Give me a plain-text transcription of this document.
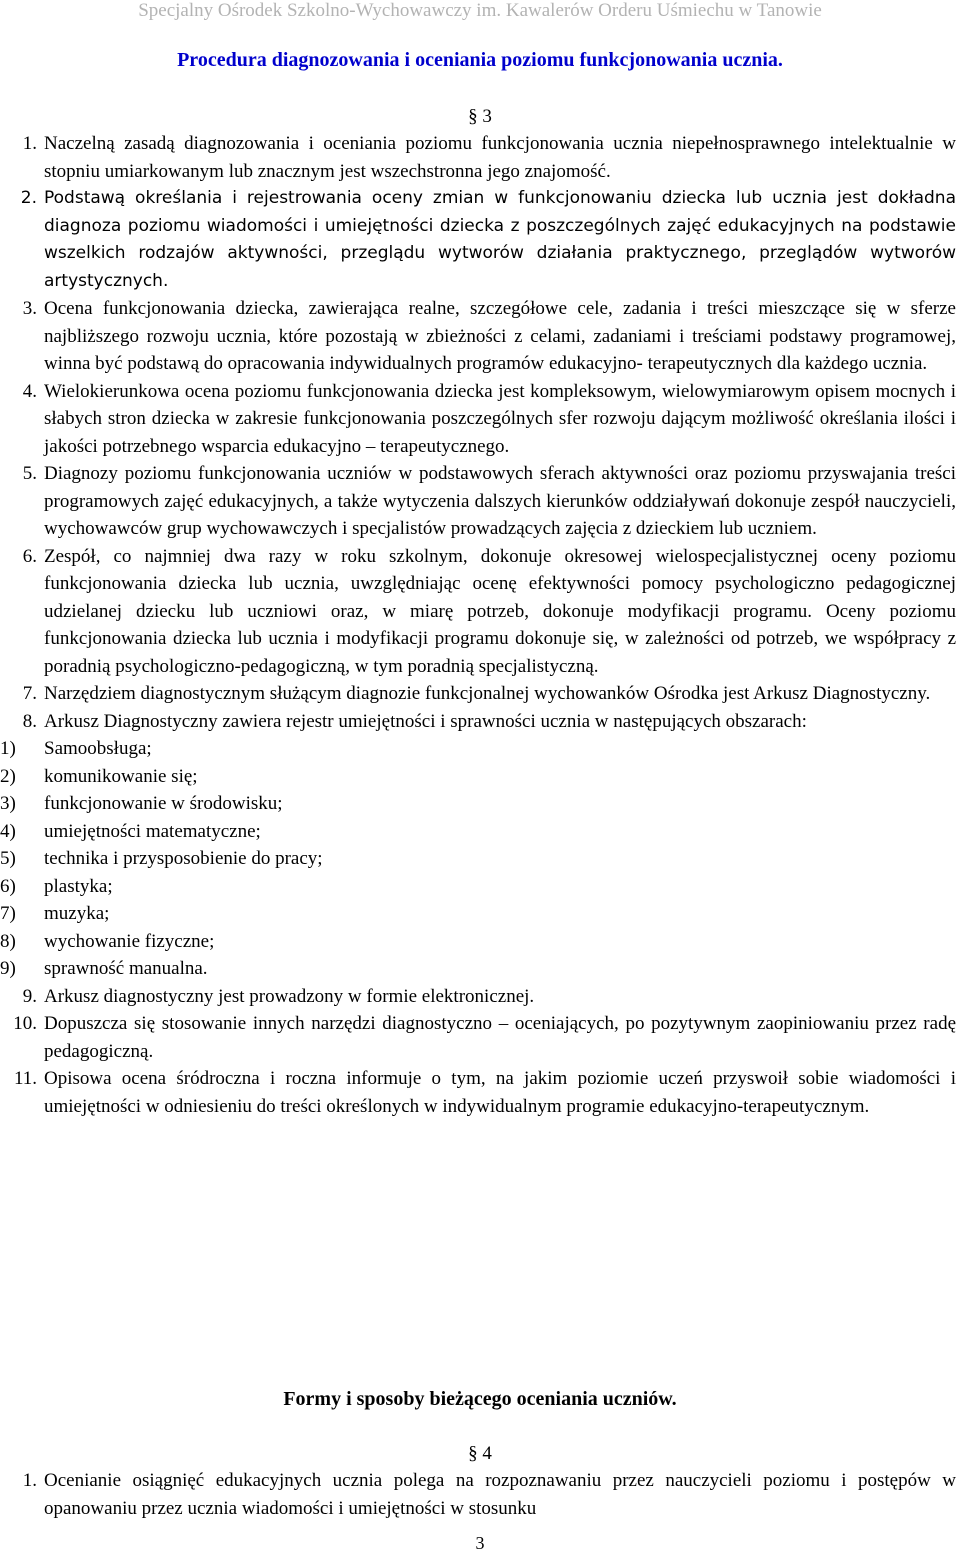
Specjalny Ośrodek Szkolno-Wychowawczy im. Kawalerów Orderu Uśmiechu w Tanowie
Procedura diagnozowania i oceniania poziomu funkcjonowania ucznia.
§ 3
1. Naczelną zasadą diagnozowania i oceniania poziomu funkcjonowania ucznia niepełnosprawnego intelektualnie w stopniu umiarkowanym lub znacznym jest wszechstronna jego znajomość.
2. Podstawą określania i rejestrowania oceny zmian w funkcjonowaniu dziecka lub ucznia jest dokładna diagnoza poziomu wiadomości i umiejętności dziecka z poszczególnych zajęć edukacyjnych na podstawie wszelkich rodzajów aktywności, przeglądu wytworów działania praktycznego, przeglądów wytworów artystycznych.
3. Ocena funkcjonowania dziecka, zawierająca realne, szczegółowe cele, zadania i treści mieszczące się w sferze najbliższego rozwoju ucznia, które pozostają w zbieżności z celami, zadaniami i treściami podstawy programowej, winna być podstawą do opracowania indywidualnych programów edukacyjno- terapeutycznych dla każdego ucznia.
4. Wielokierunkowa ocena poziomu funkcjonowania dziecka jest kompleksowym, wielowymiarowym opisem mocnych i słabych stron dziecka w zakresie funkcjonowania poszczególnych sfer rozwoju dającym możliwość określania ilości i jakości potrzebnego wsparcia edukacyjno – terapeutycznego.
5. Diagnozy poziomu funkcjonowania uczniów w podstawowych sferach aktywności oraz poziomu przyswajania treści programowych zajęć edukacyjnych, a także wytyczenia dalszych kierunków oddziaływań dokonuje zespół nauczycieli, wychowawców grup wychowawczych i specjalistów prowadzących zajęcia z dzieckiem lub uczniem.
6. Zespół, co najmniej dwa razy w roku szkolnym, dokonuje okresowej wielospecjalistycznej oceny poziomu funkcjonowania dziecka lub ucznia, uwzględniając ocenę efektywności pomocy psychologiczno pedagogicznej udzielanej dziecku lub uczniowi oraz, w miarę potrzeb, dokonuje modyfikacji programu. Oceny poziomu funkcjonowania dziecka lub ucznia i modyfikacji programu dokonuje się, w zależności od potrzeb, we współpracy z poradnią psychologiczno-pedagogiczną, w tym poradnią specjalistyczną.
7. Narzędziem diagnostycznym służącym diagnozie funkcjonalnej wychowanków Ośrodka jest Arkusz Diagnostyczny.
8. Arkusz Diagnostyczny zawiera rejestr umiejętności i sprawności ucznia w następujących obszarach:
1)	Samoobsługa;
2)	komunikowanie się;
3)	funkcjonowanie w środowisku;
4)	umiejętności matematyczne;
5)	technika i przysposobienie do pracy;
6)	plastyka;
7)	muzyka;
8)	wychowanie fizyczne;
9)	sprawność manualna.
9. Arkusz diagnostyczny jest prowadzony w formie elektronicznej.
10. Dopuszcza się stosowanie innych narzędzi diagnostyczno – oceniających, po pozytywnym zaopiniowaniu przez radę pedagogiczną.
11. Opisowa ocena śródroczna i roczna informuje o tym, na jakim poziomie uczeń przyswoił sobie wiadomości i umiejętności w odniesieniu do treści określonych w indywidualnym programie edukacyjno-terapeutycznym.
Formy i sposoby bieżącego oceniania uczniów.
§ 4
1. Ocenianie osiągnięć edukacyjnych ucznia polega na rozpoznawaniu przez nauczycieli poziomu i postępów w opanowaniu przez ucznia wiadomości i umiejętności w stosunku
3
